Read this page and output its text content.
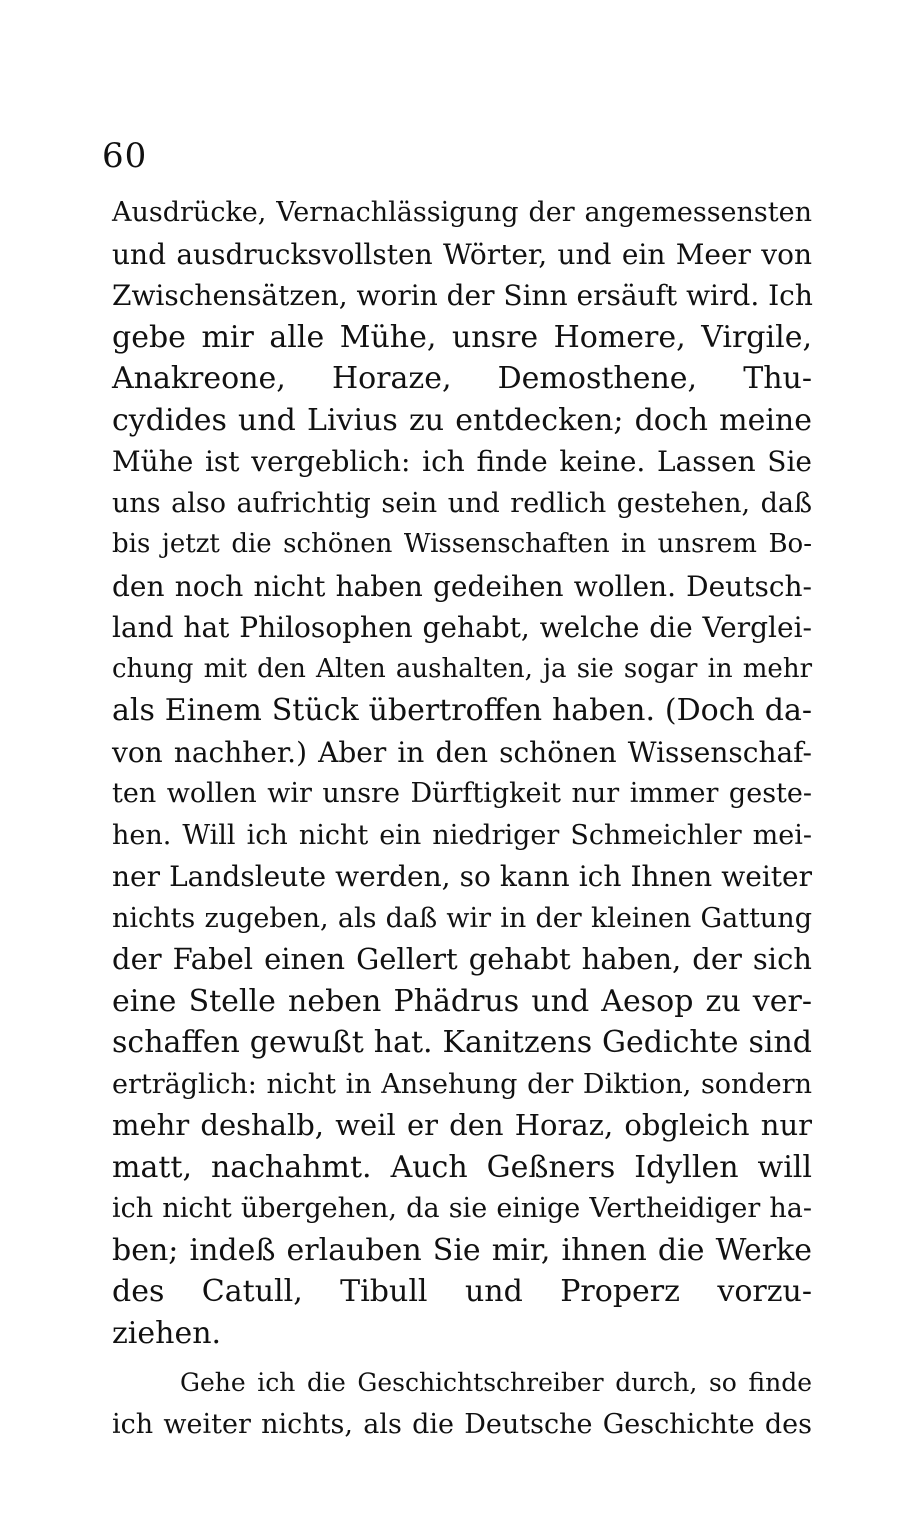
60
Ausdrücke, Vernachlässigung der angemessensten
und ausdrucksvollsten Wörter, und ein Meer von
Zwischensätzen, worin der Sinn ersäuft wird. Ich
gebe mir alle Mühe, unsre Homere, Virgile,
Anakreone, Horaze, Demosthene, Thu-
cydides und Livius zu entdecken; doch meine
Mühe ist vergeblich: ich finde keine. Lassen Sie
uns also aufrichtig sein und redlich gestehen, daß
bis jetzt die schönen Wissenschaften in unsrem Bo-
den noch nicht haben gedeihen wollen. Deutsch-
land hat Philosophen gehabt, welche die Verglei-
chung mit den Alten aushalten, ja sie sogar in mehr
als Einem Stück übertroffen haben. (Doch da-
von nachher.) Aber in den schönen Wissenschaf-
ten wollen wir unsre Dürftigkeit nur immer geste-
hen. Will ich nicht ein niedriger Schmeichler mei-
ner Landsleute werden, so kann ich Ihnen weiter
nichts zugeben, als daß wir in der kleinen Gattung
der Fabel einen Gellert gehabt haben, der sich
eine Stelle neben Phädrus und Aesop zu ver-
schaffen gewußt hat. Kanitzens Gedichte sind
erträglich: nicht in Ansehung der Diktion, sondern
mehr deshalb, weil er den Horaz, obgleich nur
matt, nachahmt. Auch Geßners Idyllen will
ich nicht übergehen, da sie einige Vertheidiger ha-
ben; indeß erlauben Sie mir, ihnen die Werke
des Catull, Tibull und Properz vorzu-
ziehen.
Gehe ich die Geschichtschreiber durch, so finde
ich weiter nichts, als die Deutsche Geschichte des
